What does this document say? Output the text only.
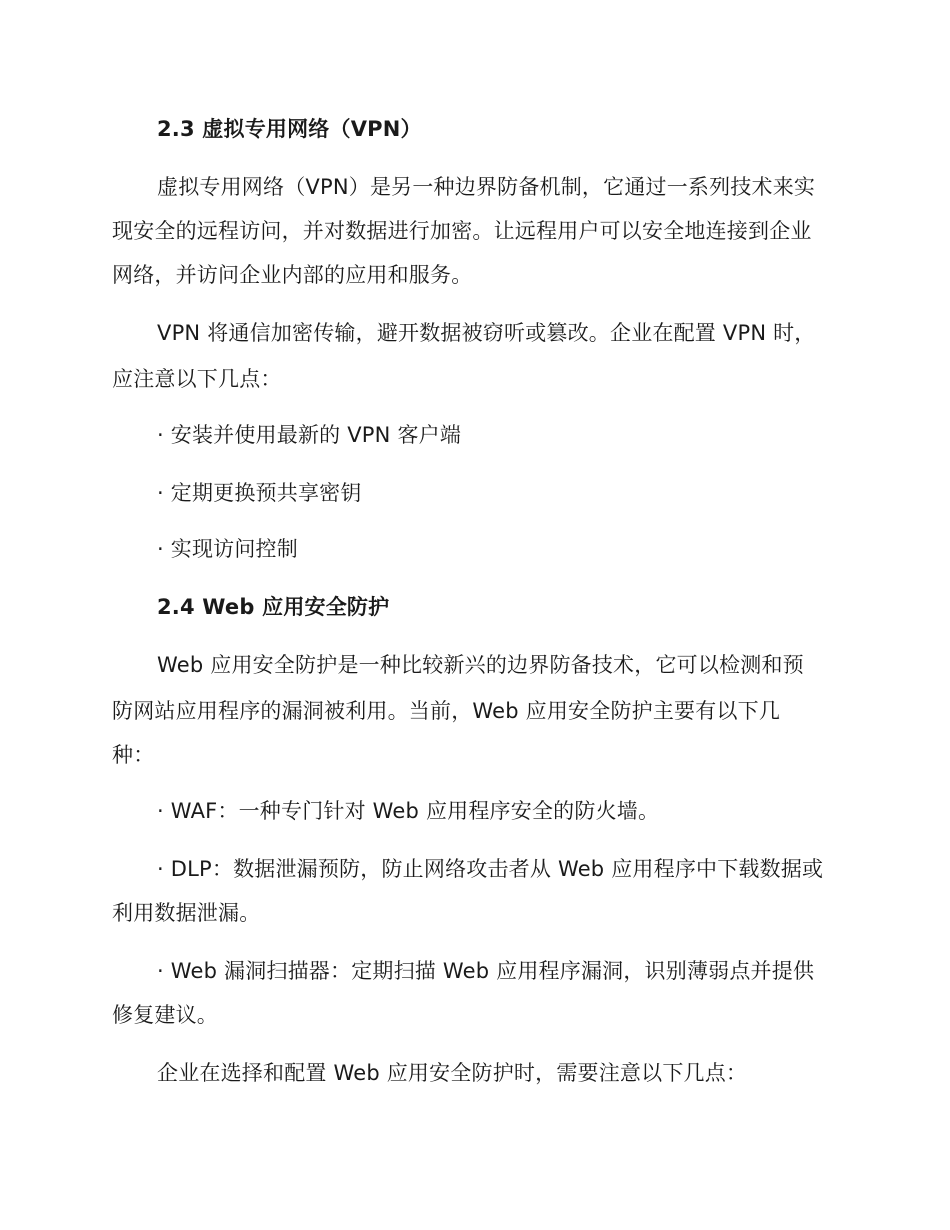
2.3 虚拟专用网络（VPN）
虚拟专用网络（VPN）是另一种边界防备机制，它通过一系列技术来实
现安全的远程访问，并对数据进行加密。让远程用户可以安全地连接到企业
网络，并访问企业内部的应用和服务。
VPN 将通信加密传输，避开数据被窃听或篡改。企业在配置 VPN 时，
应注意以下几点：
· 安装并使用最新的 VPN 客户端
· 定期更换预共享密钥
· 实现访问控制
2.4 Web 应用安全防护
Web 应用安全防护是一种比较新兴的边界防备技术，它可以检测和预
防网站应用程序的漏洞被利用。当前，Web 应用安全防护主要有以下几
种：
· WAF：一种专门针对 Web 应用程序安全的防火墙。
· DLP：数据泄漏预防，防止网络攻击者从 Web 应用程序中下载数据或
利用数据泄漏。
· Web 漏洞扫描器：定期扫描 Web 应用程序漏洞，识别薄弱点并提供
修复建议。
企业在选择和配置 Web 应用安全防护时，需要注意以下几点：
